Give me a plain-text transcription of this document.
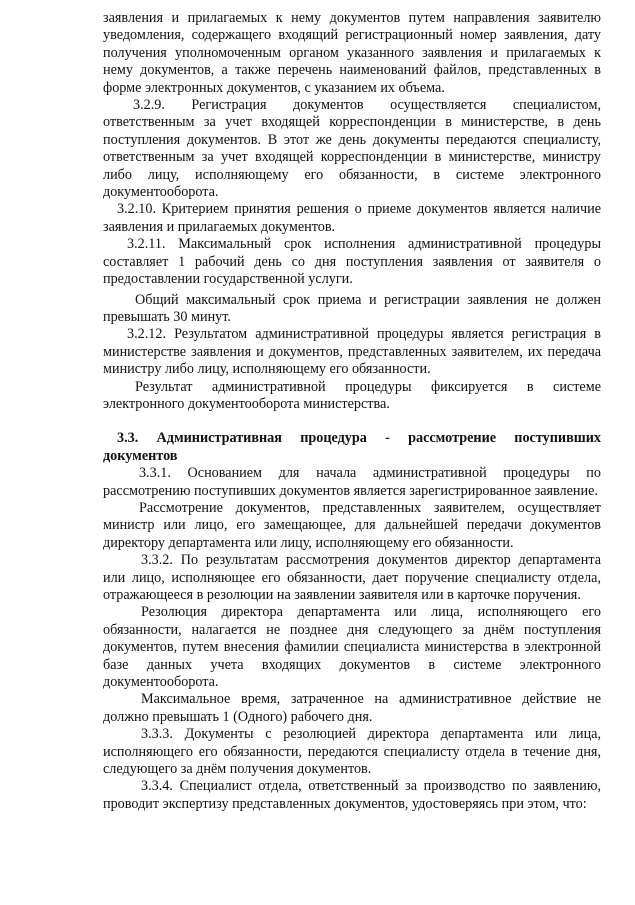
заявления и прилагаемых к нему документов путем направления заявителю уведомления, содержащего входящий регистрационный номер заявления, дату получения уполномоченным органом указанного заявления и прилагаемых к нему документов, а также перечень наименований файлов, представленных в форме электронных документов, с указанием их объема.

3.2.9. Регистрация документов осуществляется специалистом, ответственным за учет входящей корреспонденции в министерстве, в день поступления документов. В этот же день документы передаются специалисту, ответственным за учет входящей корреспонденции в министерстве, министру либо лицу, исполняющему его обязанности, в системе электронного документооборота.

3.2.10. Критерием принятия решения о приеме документов является наличие заявления и прилагаемых документов.

3.2.11. Максимальный срок исполнения административной процедуры составляет 1 рабочий день со дня поступления заявления от заявителя о предоставлении государственной услуги.

Общий максимальный срок приема и регистрации заявления не должен превышать 30 минут.

3.2.12. Результатом административной процедуры является регистрация в министерстве заявления и документов, представленных заявителем, их передача министру либо лицу, исполняющему его обязанности.

Результат административной процедуры фиксируется в системе электронного документооборота министерства.

3.3. Административная процедура - рассмотрение поступивших документов

3.3.1. Основанием для начала административной процедуры по рассмотрению поступивших документов является зарегистрированное заявление.

Рассмотрение документов, представленных заявителем, осуществляет министр или лицо, его замещающее, для дальнейшей передачи документов директору департамента или лицу, исполняющему его обязанности.

3.3.2. По результатам рассмотрения документов директор департамента или лицо, исполняющее его обязанности, дает поручение специалисту отдела, отражающееся в резолюции на заявлении заявителя или в карточке поручения.

Резолюция директора департамента или лица, исполняющего его обязанности, налагается не позднее дня следующего за днём поступления документов, путем внесения фамилии специалиста министерства в электронной базе данных учета входящих документов в системе электронного документооборота.

Максимальное время, затраченное на административное действие не должно превышать 1 (Одного) рабочего дня.

3.3.3. Документы с резолюцией директора департамента или лица, исполняющего его обязанности, передаются специалисту отдела в течение дня, следующего за днём получения документов.

3.3.4. Специалист отдела, ответственный за производство по заявлению, проводит экспертизу представленных документов, удостоверяясь при этом, что:
